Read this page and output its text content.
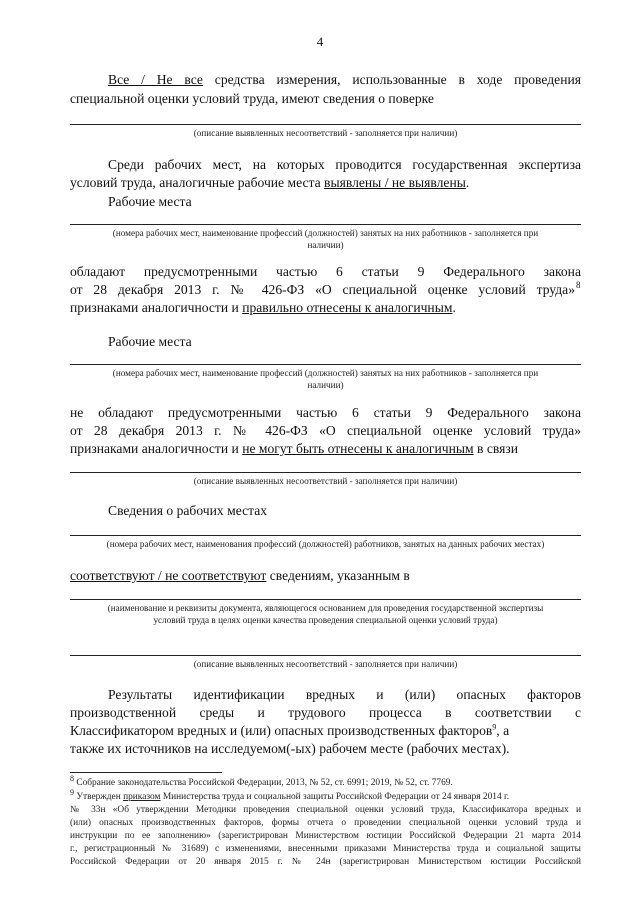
4
Все / Не все средства измерения, использованные в ходе проведения
специальной оценки условий труда, имеют сведения о поверке
(описание выявленных несоответствий - заполняется при наличии)
Среди рабочих мест, на которых проводится государственная экспертиза
условий труда, аналогичные рабочие места выявлены / не выявлены.
Рабочие места
(номера рабочих мест, наименование профессий (должностей) занятых на них работников - заполняется при
наличии)
обладают предусмотренными частью 6 статьи 9 Федерального закона
от 28 декабря 2013 г. № 426-ФЗ «О специальной оценке условий труда» 8
признаками аналогичности и правильно отнесены к аналогичным.
Рабочие места
(номера рабочих мест, наименование профессий (должностей) занятых на них работников - заполняется при
наличии)
не обладают предусмотренными частью 6 статьи 9 Федерального закона
от 28 декабря 2013 г. № 426-ФЗ «О специальной оценке условий труда»
признаками аналогичности и не могут быть отнесены к аналогичным в связи
(описание выявленных несоответствий - заполняется при наличии)
Сведения о рабочих местах
(номера рабочих мест, наименования профессий (должностей) работников, занятых на данных рабочих местах)
соответствуют / не соответствуют сведениям, указанным в
(наименование и реквизиты документа, являющегося основанием для проведения государственной экспертизы
условий труда в целях оценки качества проведения специальной оценки условий труда)
(описание выявленных несоответствий - заполняется при наличии)
Результаты идентификации вредных и (или) опасных факторов
производственной среды и трудового процесса в соответствии с
Классификатором вредных и (или) опасных производственных факторов$^9$, а
также их источников на исследуемом(-ых) рабочем месте (рабочих местах).
$^8$ Собрание законодательства Российской Федерации, 2013, № 52, ст. 6991; 2019, № 52, ст. 7769.
$^9$ Утвержден приказом Министерства труда и социальной защиты Российской Федерации от 24 января 2014 г.
№ 33н «Об утверждении Методики проведения специальной оценки условий труда, Классификатора вредных и
(или) опасных производственных факторов, формы отчета о проведении специальной оценки условий труда и
инструкции по ее заполнению» (зарегистрирован Министерством юстиции Российской Федерации 21 марта 2014
г., регистрационный № 31689) с изменениями, внесенными приказами Министерства труда и социальной защиты
Российской Федерации от 20 января 2015 г. № 24н (зарегистрирован Министерством юстиции Российской
